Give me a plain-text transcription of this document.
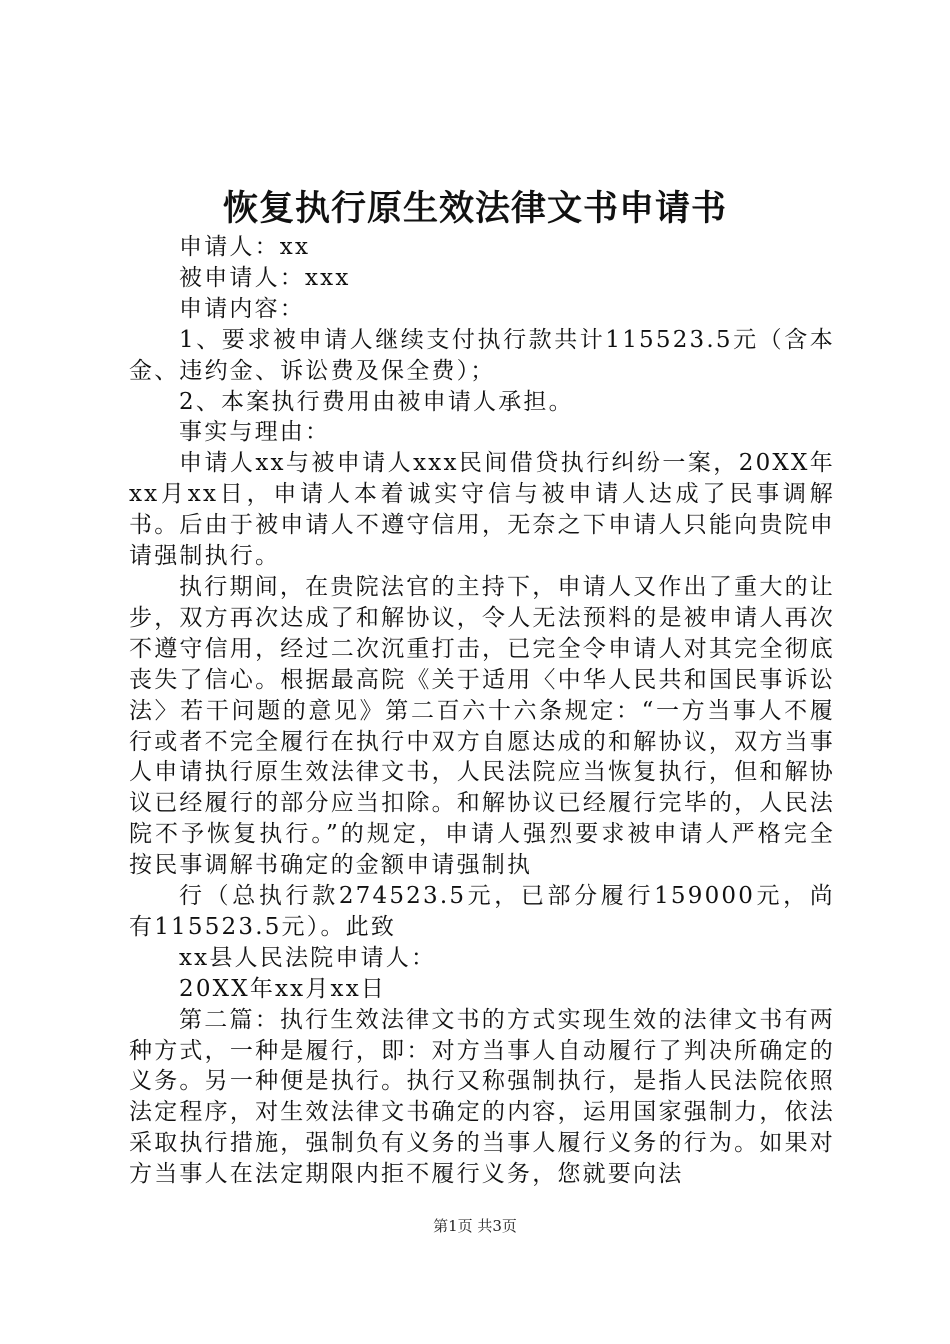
恢复执行原生效法律文书申请书

申请人：xx

被申请人：xxx

申请内容：

1、要求被申请人继续支付执行款共计115523.5元（含本金、违约金、诉讼费及保全费）；

2、本案执行费用由被申请人承担。

事实与理由：

申请人xx与被申请人xxx民间借贷执行纠纷一案，20XX年xx月xx日，申请人本着诚实守信与被申请人达成了民事调解书。后由于被申请人不遵守信用，无奈之下申请人只能向贵院申请强制执行。

执行期间，在贵院法官的主持下，申请人又作出了重大的让步，双方再次达成了和解协议，令人无法预料的是被申请人再次不遵守信用，经过二次沉重打击，已完全令申请人对其完全彻底丧失了信心。根据最高院《关于适用〈中华人民共和国民事诉讼法〉若干问题的意见》第二百六十六条规定：“一方当事人不履行或者不完全履行在执行中双方自愿达成的和解协议，双方当事人申请执行原生效法律文书，人民法院应当恢复执行，但和解协议已经履行的部分应当扣除。和解协议已经履行完毕的，人民法院不予恢复执行。”的规定，申请人强烈要求被申请人严格完全按民事调解书确定的金额申请强制执

行（总执行款274523.5元，已部分履行159000元，尚有115523.5元）。此致

xx县人民法院申请人：

20XX年xx月xx日

第二篇：执行生效法律文书的方式实现生效的法律文书有两种方式，一种是履行，即：对方当事人自动履行了判决所确定的义务。另一种便是执行。执行又称强制执行，是指人民法院依照法定程序，对生效法律文书确定的内容，运用国家强制力，依法采取执行措施，强制负有义务的当事人履行义务的行为。如果对方当事人在法定期限内拒不履行义务，您就要向法

第1页 共3页
